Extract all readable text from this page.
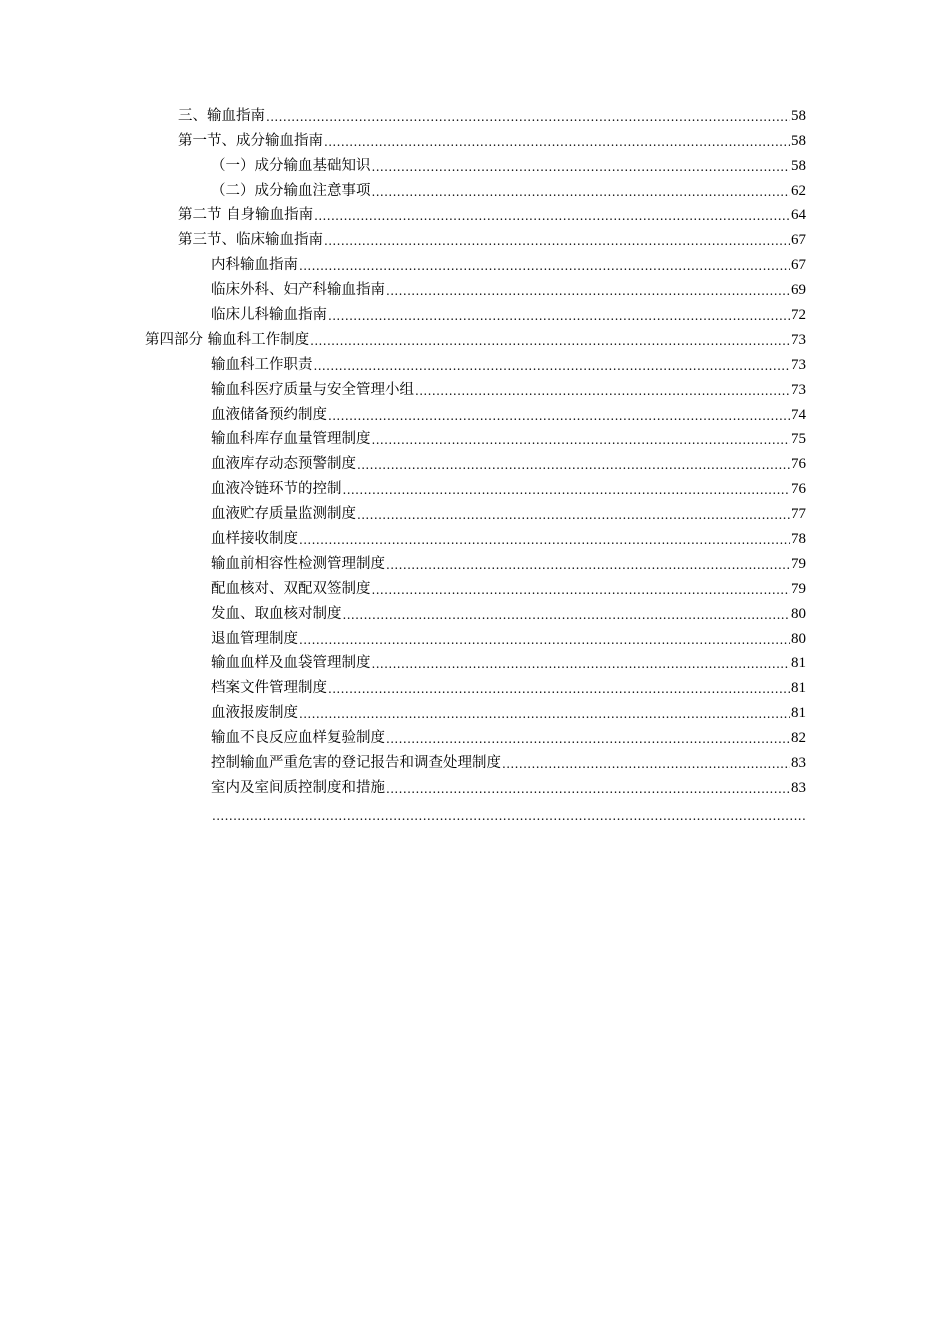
三、输血指南 .....	58
第一节、成分输血指南 .....	58
（一）成分输血基础知识 .....	58
（二）成分输血注意事项 .....	62
第二节 自身输血指南 .....	64
第三节、临床输血指南 .....	67
内科输血指南 .....	67
临床外科、妇产科输血指南 .....	69
临床儿科输血指南 .....	72
第四部分 输血科工作制度 .....	73
输血科工作职责 .....	73
输血科医疗质量与安全管理小组 .....	73
血液储备预约制度 .....	74
输血科库存血量管理制度 .....	75
血液库存动态预警制度 .....	76
血液冷链环节的控制 .....	76
血液贮存质量监测制度 .....	77
血样接收制度 .....	78
输血前相容性检测管理制度 .....	79
配血核对、双配双签制度 .....	79
发血、取血核对制度 .....	80
退血管理制度 .....	80
输血血样及血袋管理制度 .....	81
档案文件管理制度 .....	81
血液报废制度 .....	81
输血不良反应血样复验制度 .....	82
控制输血严重危害的登记报告和调查处理制度 .....	83
室内及室间质控制度和措施 .....	83
.....
